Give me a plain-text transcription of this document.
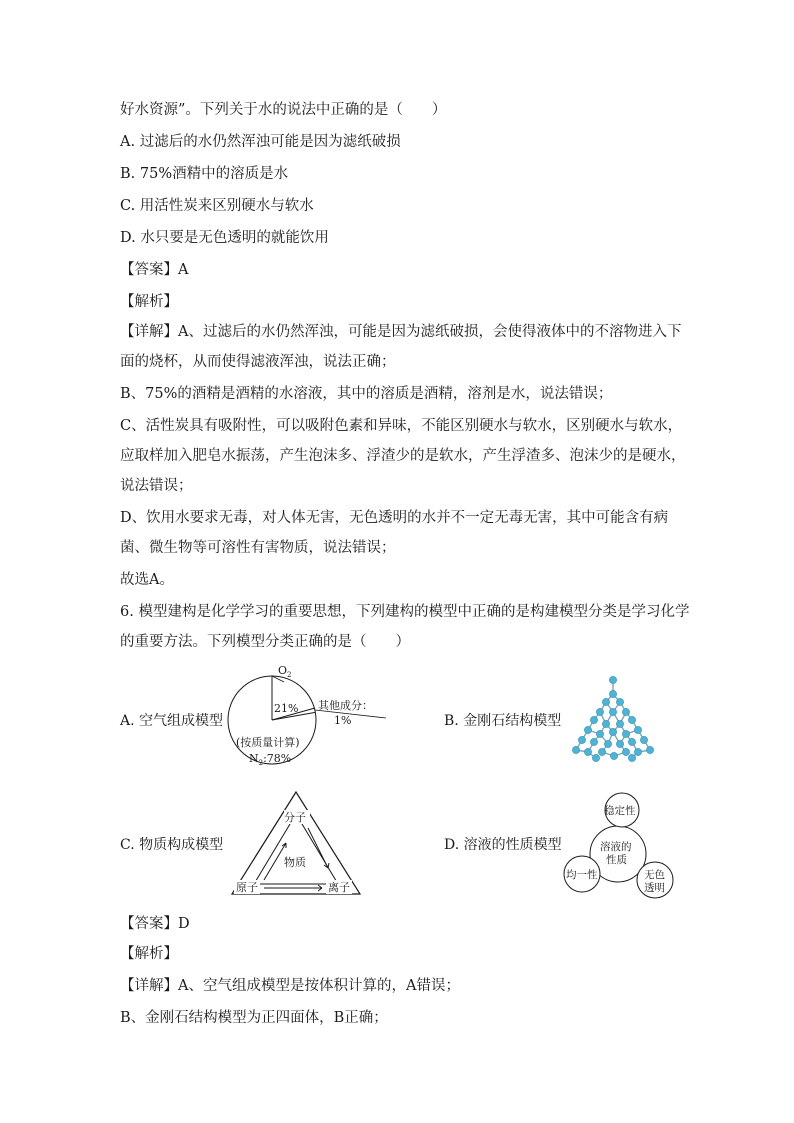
好水资源”。下列关于水的说法中正确的是（　　）
A. 过滤后的水仍然浑浊可能是因为滤纸破损
B. 75%酒精中的溶质是水
C. 用活性炭来区别硬水与软水
D. 水只要是无色透明的就能饮用
【答案】A
【解析】
【详解】A、过滤后的水仍然浑浊，可能是因为滤纸破损，会使得液体中的不溶物进入下
面的烧杯，从而使得滤液浑浊，说法正确；
B、75%的酒精是酒精的水溶液，其中的溶质是酒精，溶剂是水，说法错误；
C、活性炭具有吸附性，可以吸附色素和异味，不能区别硬水与软水，区别硬水与软水，
应取样加入肥皂水振荡，产生泡沫多、浮渣少的是软水，产生浮渣多、泡沫少的是硬水，
说法错误；
D、饮用水要求无毒，对人体无害，无色透明的水并不一定无毒无害，其中可能含有病
菌、微生物等可溶性有害物质，说法错误；
故选A。
6. 模型建构是化学学习的重要思想，下列建构的模型中正确的是构建模型分类是学习化学
的重要方法。下列模型分类正确的是（　　）
A. 空气组成模型	B. 金刚石结构模型
C. 物质构成模型	D. 溶液的性质模型
$O_2$
21% 其他成分：
1%
(按质量计算)
$N_2:78\%$
分子
原子	离子
物质
稳定性
溶液的
性质
均一性	无色
透明
【答案】D
【解析】
【详解】A、空气组成模型是按体积计算的，A错误；
B、金刚石结构模型为正四面体，B正确；
